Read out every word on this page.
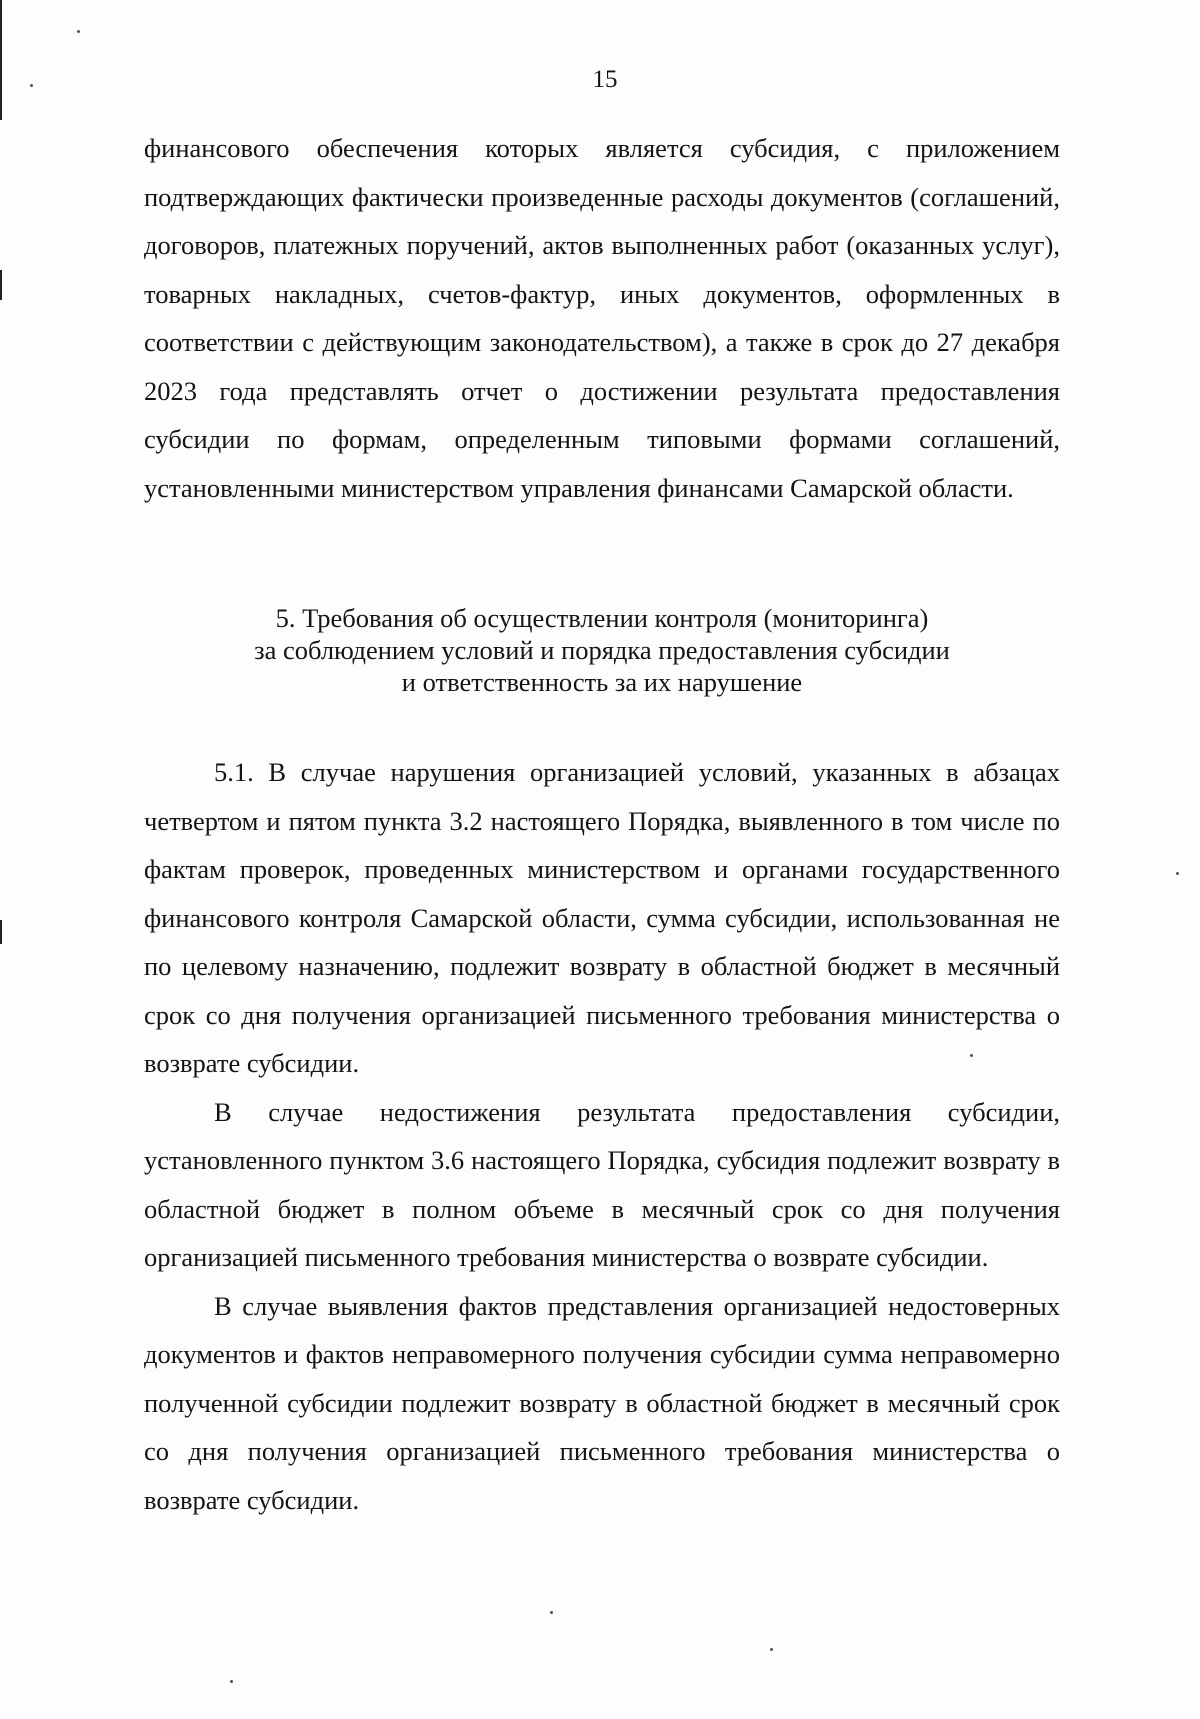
15

финансового обеспечения которых является субсидия, с приложением подтверждающих фактически произведенные расходы документов (соглашений, договоров, платежных поручений, актов выполненных работ (оказанных услуг), товарных накладных, счетов-фактур, иных документов, оформленных в соответствии с действующим законодательством), а также в срок до 27 декабря 2023 года представлять отчет о достижении результата предоставления субсидии по формам, определенным типовыми формами соглашений, установленными министерством управления финансами Самарской области.

5. Требования об осуществлении контроля (мониторинга)
за соблюдением условий и порядка предоставления субсидии
и ответственность за их нарушение

5.1. В случае нарушения организацией условий, указанных в абзацах четвертом и пятом пункта 3.2 настоящего Порядка, выявленного в том числе по фактам проверок, проведенных министерством и органами государственного финансового контроля Самарской области, сумма субсидии, использованная не по целевому назначению, подлежит возврату в областной бюджет в месячный срок со дня получения организацией письменного требования министерства о возврате субсидии.

В случае недостижения результата предоставления субсидии, установленного пунктом 3.6 настоящего Порядка, субсидия подлежит возврату в областной бюджет в полном объеме в месячный срок со дня получения организацией письменного требования министерства о возврате субсидии.

В случае выявления фактов представления организацией недостоверных документов и фактов неправомерного получения субсидии сумма неправомерно полученной субсидии подлежит возврату в областной бюджет в месячный срок со дня получения организацией письменного требования министерства о возврате субсидии.
